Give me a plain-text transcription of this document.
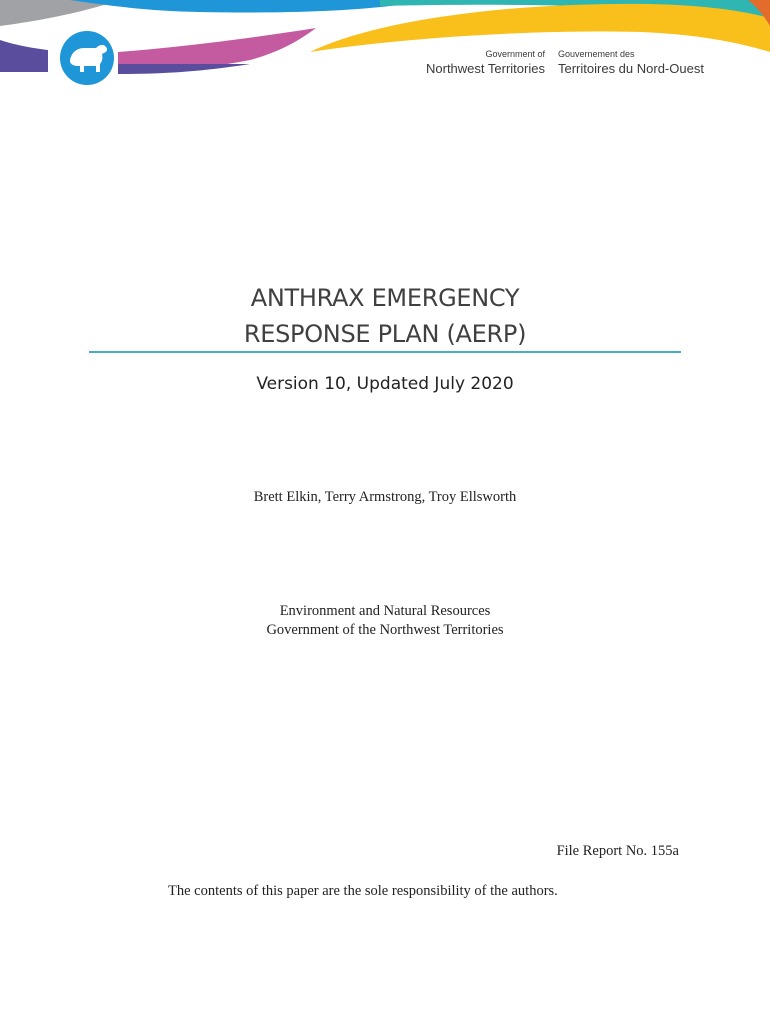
Government of
Northwest Territories
Gouvernement des
Territoires du Nord-Ouest
ANTHRAX EMERGENCY
RESPONSE PLAN (AERP)
Version 10, Updated July 2020
Brett Elkin, Terry Armstrong, Troy Ellsworth
Environment and Natural Resources
Government of the Northwest Territories
File Report No. 155a
The contents of this paper are the sole responsibility of the authors.
